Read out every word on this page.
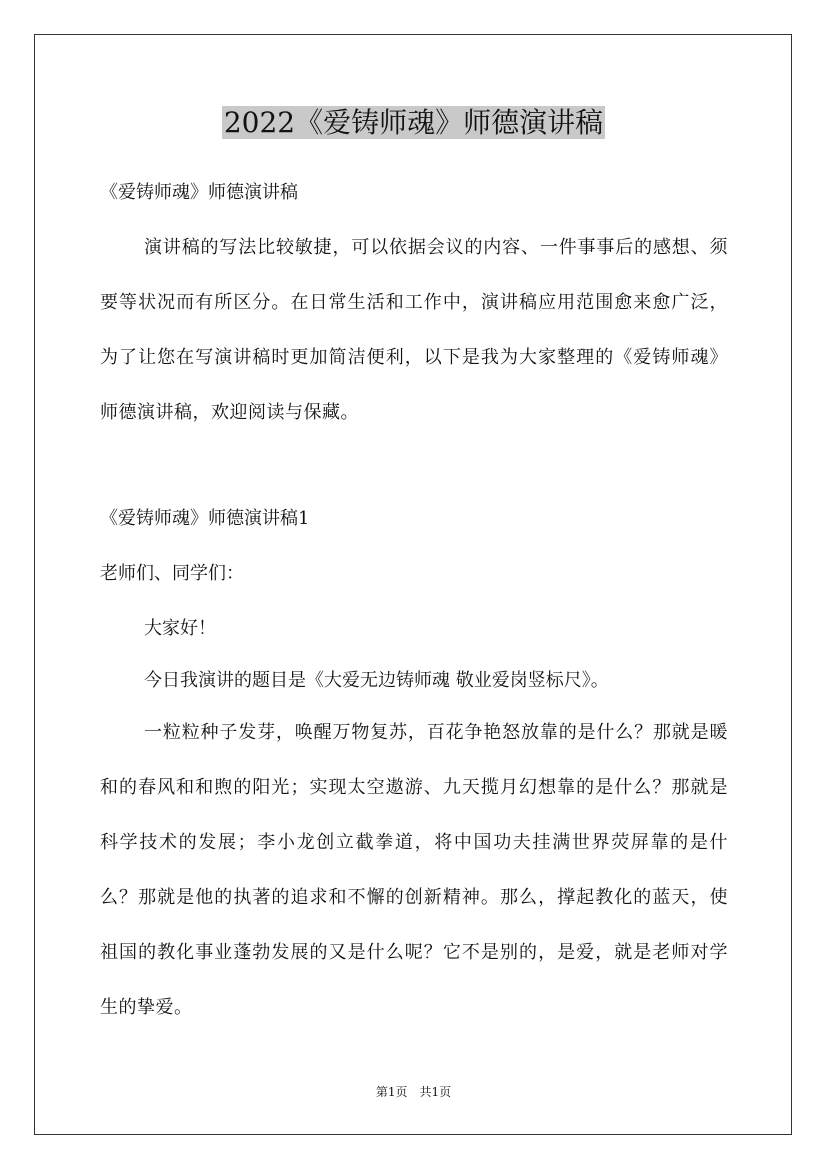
2022《爱铸师魂》师德演讲稿

《爱铸师魂》师德演讲稿

演讲稿的写法比较敏捷，可以依据会议的内容、一件事事后的感想、须要等状况而有所区分。在日常生活和工作中，演讲稿应用范围愈来愈广泛，为了让您在写演讲稿时更加简洁便利，以下是我为大家整理的《爱铸师魂》师德演讲稿，欢迎阅读与保藏。

《爱铸师魂》师德演讲稿1

老师们、同学们：

大家好！

今日我演讲的题目是《大爱无边铸师魂 敬业爱岗竖标尺》。

一粒粒种子发芽，唤醒万物复苏，百花争艳怒放靠的是什么？那就是暖和的春风和和煦的阳光；实现太空遨游、九天揽月幻想靠的是什么？那就是科学技术的发展；李小龙创立截拳道，将中国功夫挂满世界荧屏靠的是什么？那就是他的执著的追求和不懈的创新精神。那么，撑起教化的蓝天，使祖国的教化事业蓬勃发展的又是什么呢？它不是别的，是爱，就是老师对学生的挚爱。

第1页　共1页
